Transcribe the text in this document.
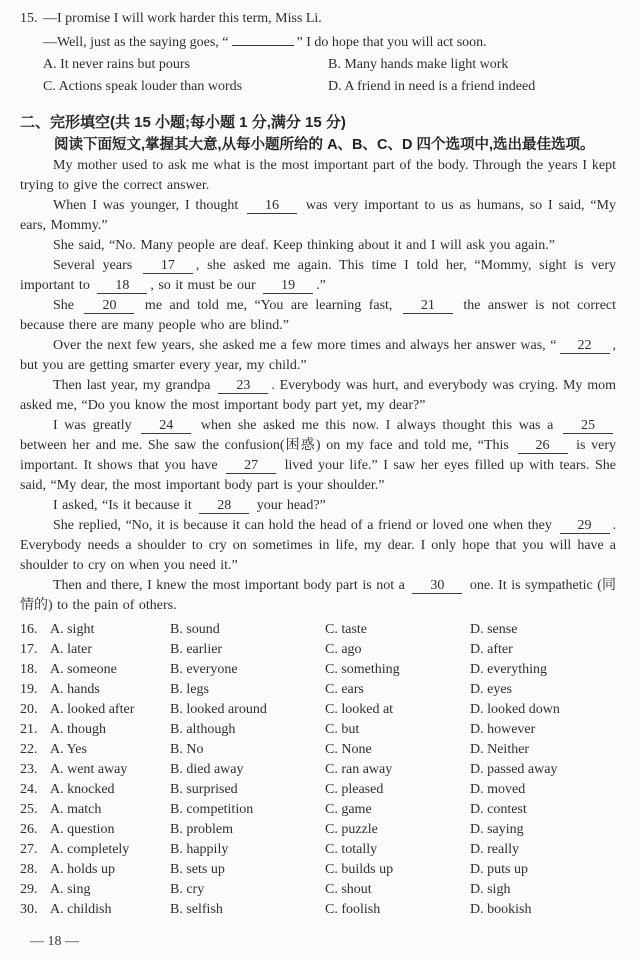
15. —I promise I will work harder this term, Miss Li.
—Well, just as the saying goes, “	” I do hope that you will act soon.
A. It never rains but pours	B. Many hands make light work
C. Actions speak louder than words	D. A friend in need is a friend indeed
二、完形填空(共 15 小题;每小题 1 分,满分 15 分)
阅读下面短文,掌握其大意,从每小题所给的 A、B、C、D 四个选项中,选出最佳选项。

My mother used to ask me what is the most important part of the body. Through the years I kept trying to give the correct answer.

When I was younger, I thought 16 was very important to us as humans, so I said, “My ears, Mommy.”

She said, “No. Many people are deaf. Keep thinking about it and I will ask you again.”

Several years 17 , she asked me again. This time I told her, “Mommy, sight is very important to 18 , so it must be our 19 .”

She 20 me and told me, “You are learning fast, 21 the answer is not correct because there are many people who are blind.”

Over the next few years, she asked me a few more times and always her answer was, “ 22 , but you are getting smarter every year, my child.”

Then last year, my grandpa 23 . Everybody was hurt, and everybody was crying. My mom asked me, “Do you know the most important body part yet, my dear?”

I was greatly 24 when she asked me this now. I always thought this was a 25 between her and me. She saw the confusion(困惑) on my face and told me, “This 26 is very important. It shows that you have 27 lived your life.” I saw her eyes filled up with tears. She said, “My dear, the most important body part is your shoulder.”

I asked, “Is it because it 28 your head?”

She replied, “No, it is because it can hold the head of a friend or loved one when they 29 . Everybody needs a shoulder to cry on sometimes in life, my dear. I only hope that you will have a shoulder to cry on when you need it.”

Then and there, I knew the most important body part is not a 30 one. It is sympathetic (同情的) to the pain of others.

16. A. sight	B. sound	C. taste	D. sense
17. A. later	B. earlier	C. ago	D. after
18. A. someone	B. everyone	C. something	D. everything
19. A. hands	B. legs	C. ears	D. eyes
20. A. looked after	B. looked around	C. looked at	D. looked down
21. A. though	B. although	C. but	D. however
22. A. Yes	B. No	C. None	D. Neither
23. A. went away	B. died away	C. ran away	D. passed away
24. A. knocked	B. surprised	C. pleased	D. moved
25. A. match	B. competition	C. game	D. contest
26. A. question	B. problem	C. puzzle	D. saying
27. A. completely	B. happily	C. totally	D. really
28. A. holds up	B. sets up	C. builds up	D. puts up
29. A. sing	B. cry	C. shout	D. sigh
30. A. childish	B. selfish	C. foolish	D. bookish
— 18 —
